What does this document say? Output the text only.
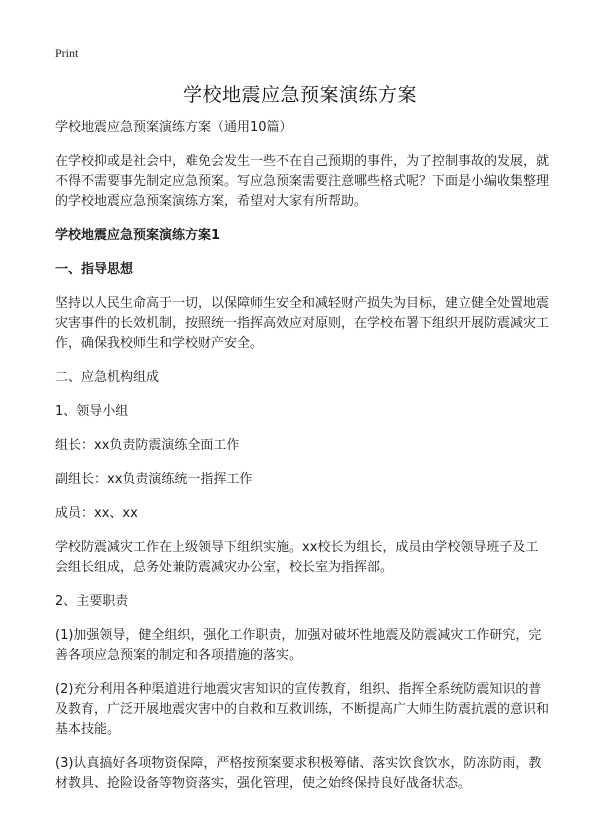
Print
学校地震应急预案演练方案

学校地震应急预案演练方案（通用10篇）

在学校抑或是社会中，难免会发生一些不在自己预期的事件，为了控制事故的发展，就不得不需要事先制定应急预案。写应急预案需要注意哪些格式呢？下面是小编收集整理的学校地震应急预案演练方案，希望对大家有所帮助。

学校地震应急预案演练方案1

一、指导思想

坚持以人民生命高于一切，以保障师生安全和减轻财产损失为目标，建立健全处置地震灾害事件的长效机制，按照统一指挥高效应对原则，在学校布署下组织开展防震减灾工作，确保我校师生和学校财产安全。

二、应急机构组成

1、领导小组

组长：xx负责防震演练全面工作

副组长：xx负责演练统一指挥工作

成员：xx、xx

学校防震减灾工作在上级领导下组织实施。xx校长为组长，成员由学校领导班子及工会组长组成，总务处兼防震减灾办公室，校长室为指挥部。

2、主要职责

(1)加强领导，健全组织，强化工作职责，加强对破坏性地震及防震减灾工作研究，完善各项应急预案的制定和各项措施的落实。

(2)充分利用各种渠道进行地震灾害知识的宣传教育，组织、指挥全系统防震知识的普及教育，广泛开展地震灾害中的自救和互救训练，不断提高广大师生防震抗震的意识和基本技能。

(3)认真搞好各项物资保障，严格按预案要求积极筹储、落实饮食饮水，防冻防雨，教材教具、抢险设备等物资落实，强化管理，使之始终保持良好战备状态。
